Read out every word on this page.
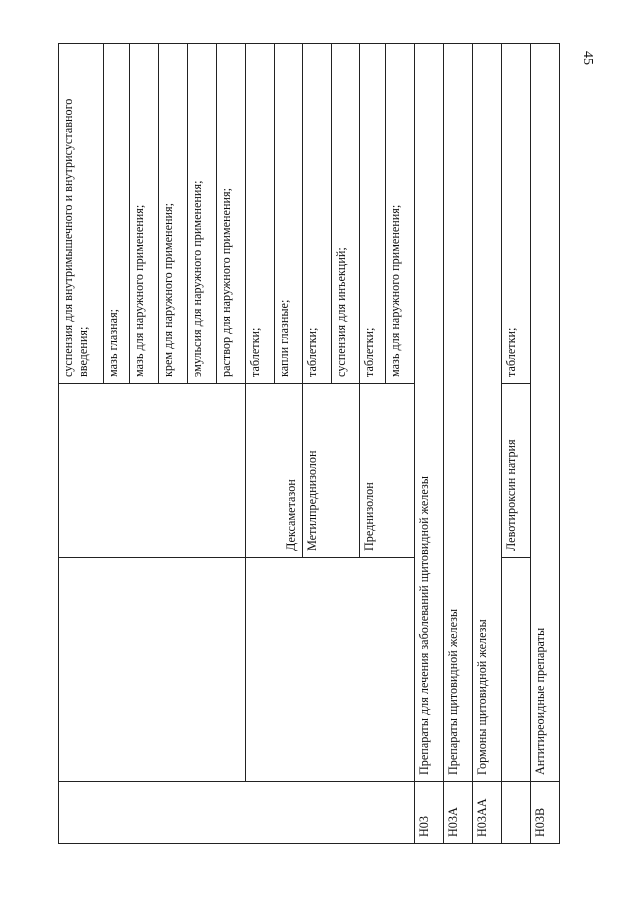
45
			суспензия для внутримышечного и внутрисуставного введения;
			мазь глазная;
			мазь для наружного применения;
			крем для наружного применения;
			эмульсия для наружного применения;
			раствор для наружного применения;
		Дексаметазон	таблетки;
			капли глазные;
		Метилпреднизолон	таблетки;
			суспензия для инъекций;
		Преднизолон	таблетки;
			мазь для наружного применения;
H03	Препараты для лечения заболеваний щитовидной железы		
H03A	Препараты щитовидной железы		
H03AA	Гормоны щитовидной железы		
		Левотироксин натрия	таблетки;
H03B	Антитиреоидные препараты		
